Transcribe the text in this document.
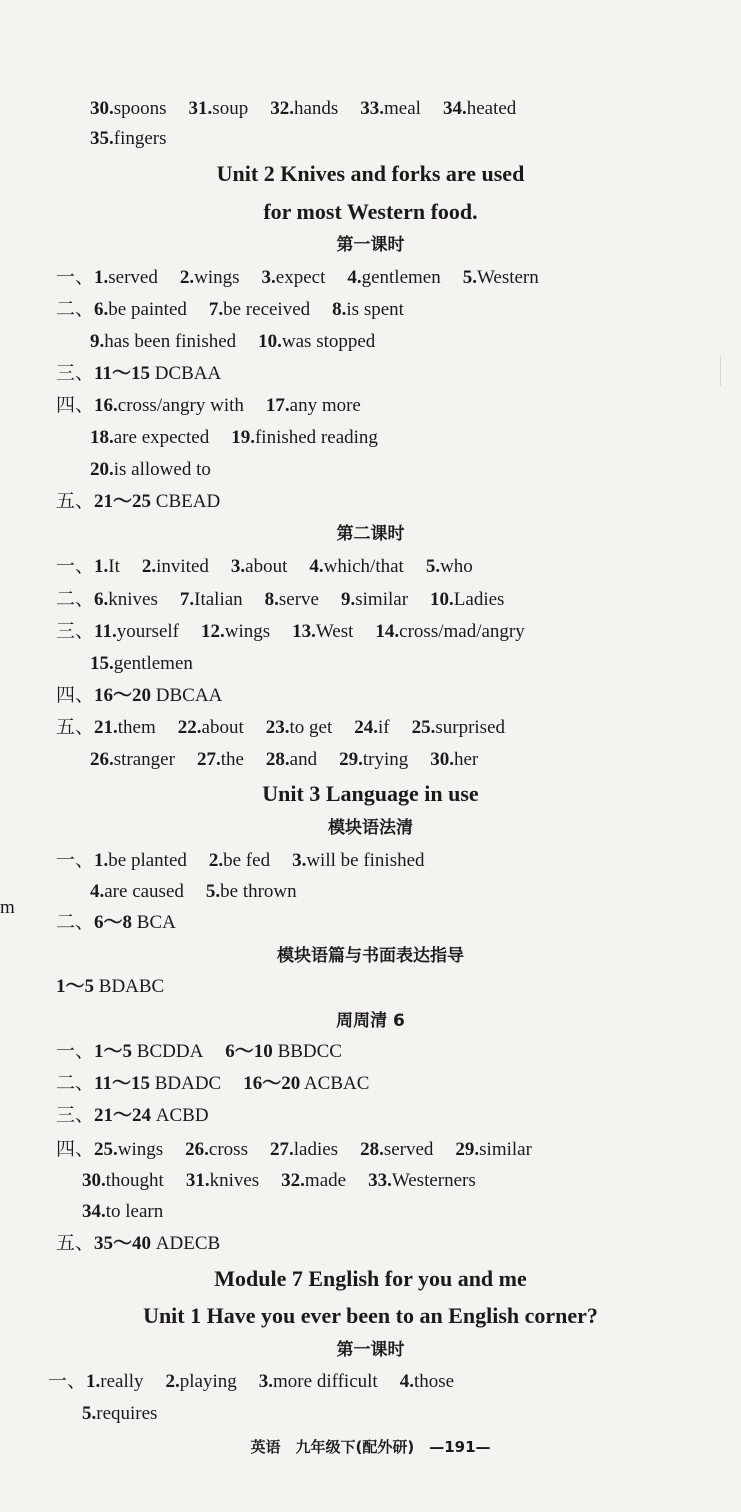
30.spoons 31.soup 32.hands 33.meal 34.heated
35.fingers
Unit 2 Knives and forks are used
for most Western food.
第一课时
一、1.served 2.wings 3.expect 4.gentlemen 5.Western
二、6.be painted 7.be received 8.is spent
9.has been finished 10.was stopped
三、11～15 DCBAA
四、16.cross/angry with 17.any more
18.are expected 19.finished reading
20.is allowed to
五、21～25 CBEAD
第二课时
一、1.It 2.invited 3.about 4.which/that 5.who
二、6.knives 7.Italian 8.serve 9.similar 10.Ladies
三、11.yourself 12.wings 13.West 14.cross/mad/angry
15.gentlemen
四、16～20 DBCAA
五、21.them 22.about 23.to get 24.if 25.surprised
26.stranger 27.the 28.and 29.trying 30.her
Unit 3 Language in use
模块语法清
一、1.be planted 2.be fed 3.will be finished
4.are caused 5.be thrown
二、6～8 BCA
模块语篇与书面表达指导
1～5 BDABC
周周清 6
一、1～5 BCDDA 6～10 BBDCC
二、11～15 BDADC 16～20 ACBAC
三、21～24 ACBD
四、25.wings 26.cross 27.ladies 28.served 29.similar
30.thought 31.knives 32.made 33.Westerners
34.to learn
五、35～40 ADECB
Module 7 English for you and me
Unit 1 Have you ever been to an English corner?
第一课时
一、1.really 2.playing 3.more difficult 4.those
5.requires
m
英语　九年级下(配外研)　—191—
